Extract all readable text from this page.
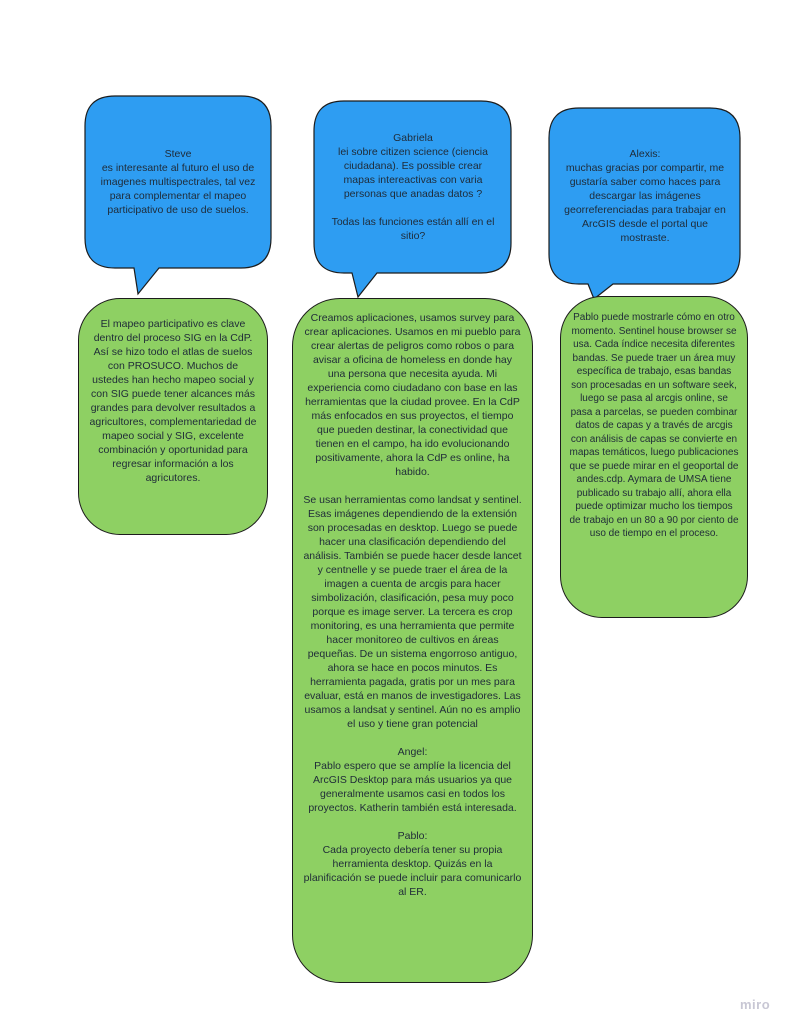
Steve

es interesante al futuro el uso de imagenes multispectrales, tal vez para complementar el mapeo participativo de uso de suelos.

Gabriela

lei sobre citizen science (ciencia ciudadana). Es possible crear mapas intereactivas con varia personas que anadas datos ?

Todas las funciones están allí en el sitio?

Alexis:

muchas gracias por compartir, me gustaría saber como haces para descargar las imágenes georreferenciadas para trabajar en ArcGIS desde el portal que mostraste.

El mapeo participativo es clave dentro del proceso SIG en la CdP. Así se hizo todo el atlas de suelos con PROSUCO. Muchos de ustedes han hecho mapeo social y con SIG puede tener alcances más grandes para devolver resultados a agricultores, complementariedad de mapeo social y SIG, excelente combinación y oportunidad para regresar información a los agricutores.

Creamos aplicaciones, usamos survey para crear aplicaciones. Usamos en mi pueblo para crear alertas de peligros como robos o para avisar a oficina de homeless en donde hay una persona que necesita ayuda. Mi experiencia como ciudadano con base en las herramientas que la ciudad provee. En la CdP más enfocados en sus proyectos, el tiempo que pueden destinar, la conectividad que tienen en el campo, ha ido evolucionando positivamente, ahora la CdP es online, ha habido.

Se usan herramientas como landsat y sentinel. Esas imágenes dependiendo de la extensión son procesadas en desktop. Luego se puede hacer una clasificación dependiendo del análisis. También se puede hacer desde lancet y centnelle y se puede traer el área de la imagen a cuenta de arcgis para hacer simbolización, clasificación, pesa muy poco porque es image server. La tercera es crop monitoring, es una herramienta que permite hacer monitoreo de cultivos en áreas pequeñas. De un sistema engorroso antiguo, ahora se hace en pocos minutos. Es herramienta pagada, gratis por un mes para evaluar, está en manos de investigadores. Las usamos a landsat y sentinel. Aún no es amplio el uso y tiene gran potencial

Angel:

Pablo espero que se amplíe la licencia del ArcGIS Desktop para más usuarios ya que generalmente usamos casi en todos los proyectos. Katherin también está interesada.

Pablo:

Cada proyecto debería tener su propia herramienta desktop. Quizás en la planificación se puede incluir para comunicarlo al ER.

Pablo puede mostrarle cómo en otro momento. Sentinel house browser se usa. Cada índice necesita diferentes bandas. Se puede traer un área muy específica de trabajo, esas bandas son procesadas en un software seek, luego se pasa al arcgis online, se pasa a parcelas, se pueden combinar datos de capas y a través de arcgis con análisis de capas se convierte en mapas temáticos, luego publicaciones que se puede mirar en el geoportal de andes.cdp. Aymara de UMSA tiene publicado su trabajo allí, ahora ella puede optimizar mucho los tiempos de trabajo en un 80 a 90 por ciento de uso de tiempo en el proceso.

miro
